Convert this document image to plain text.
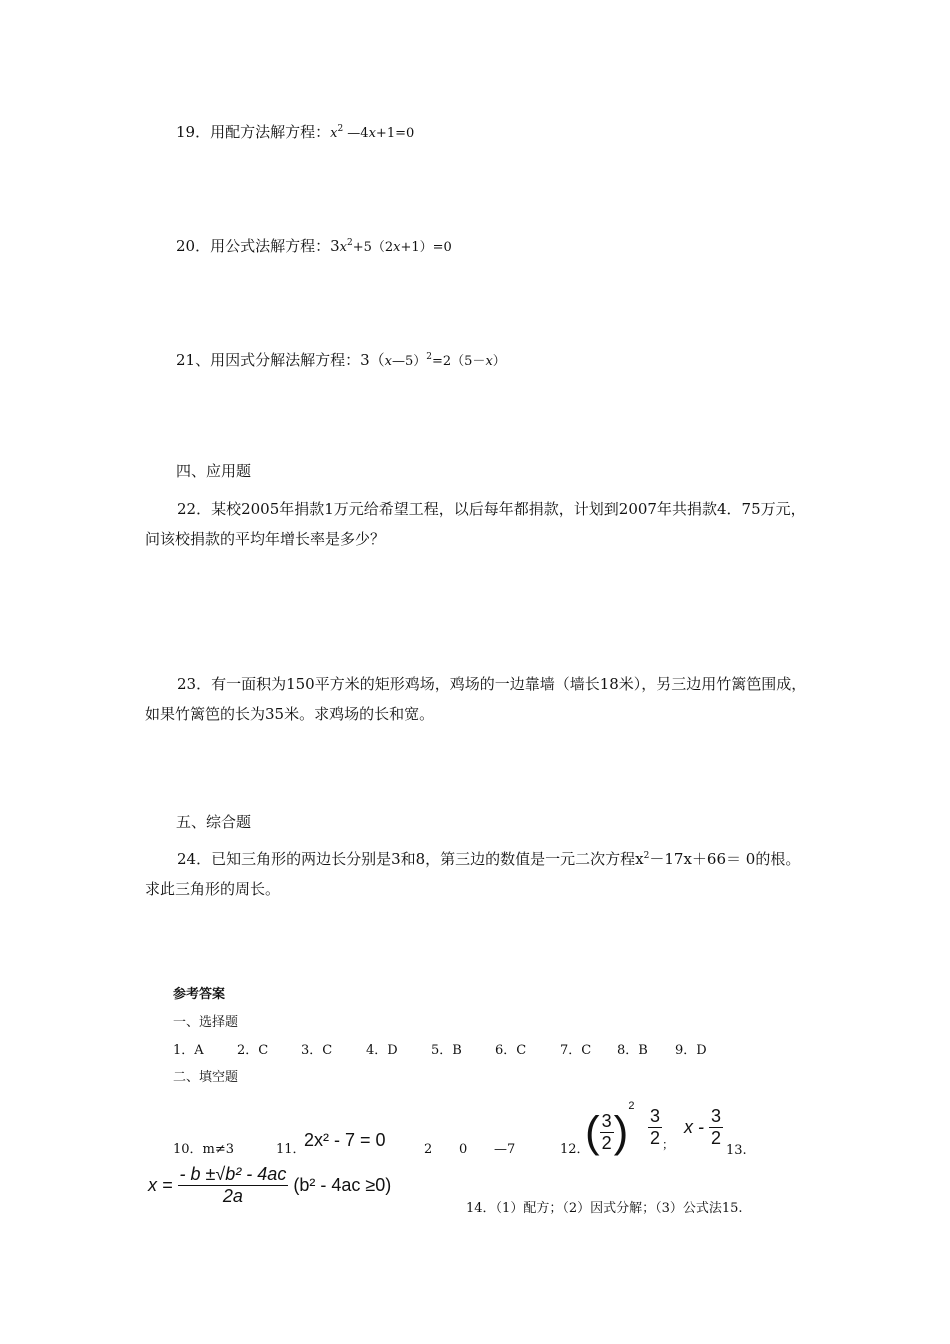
19．用配方法解方程：$x^2$ —4x+1=0
20．用公式法解方程：$3x^2+5(2x+1)=0$
21、用因式分解法解方程：3（x—5）$^2$=2（5－x）
四、应用题
22．某校2005年捐款1万元给希望工程，以后每年都捐款，计划到2007年共捐款4．75万元，问该校捐款的平均年增长率是多少？
23．有一面积为150平方米的矩形鸡场，鸡场的一边靠墙（墙长18米），另三边用竹篱笆围成，如果竹篱笆的长为35米。求鸡场的长和宽。
五、综合题
24．已知三角形的两边长分别是3和8，第三边的数值是一元二次方程$x^2-17x+66= 0$的根。求此三角形的周长。
参考答案
一、选择题
1．A	2．C	3．C	4．D	5．B	6．C	7．C 8．B 9．D
二、填空题
10．m≠3	11．
2x² - 7 = 0	2 0 —7	12．
( $\frac{3}{2} )^2 \frac{3}{2} _;$
x - $\frac{3}{2}$
13.
$x = \frac{\text{- b ±√b² - 4ac}}{2a} (b^2 - 4ac \ge 0)$
14．（1）配方；（2）因式分解；（3）公式法15.
